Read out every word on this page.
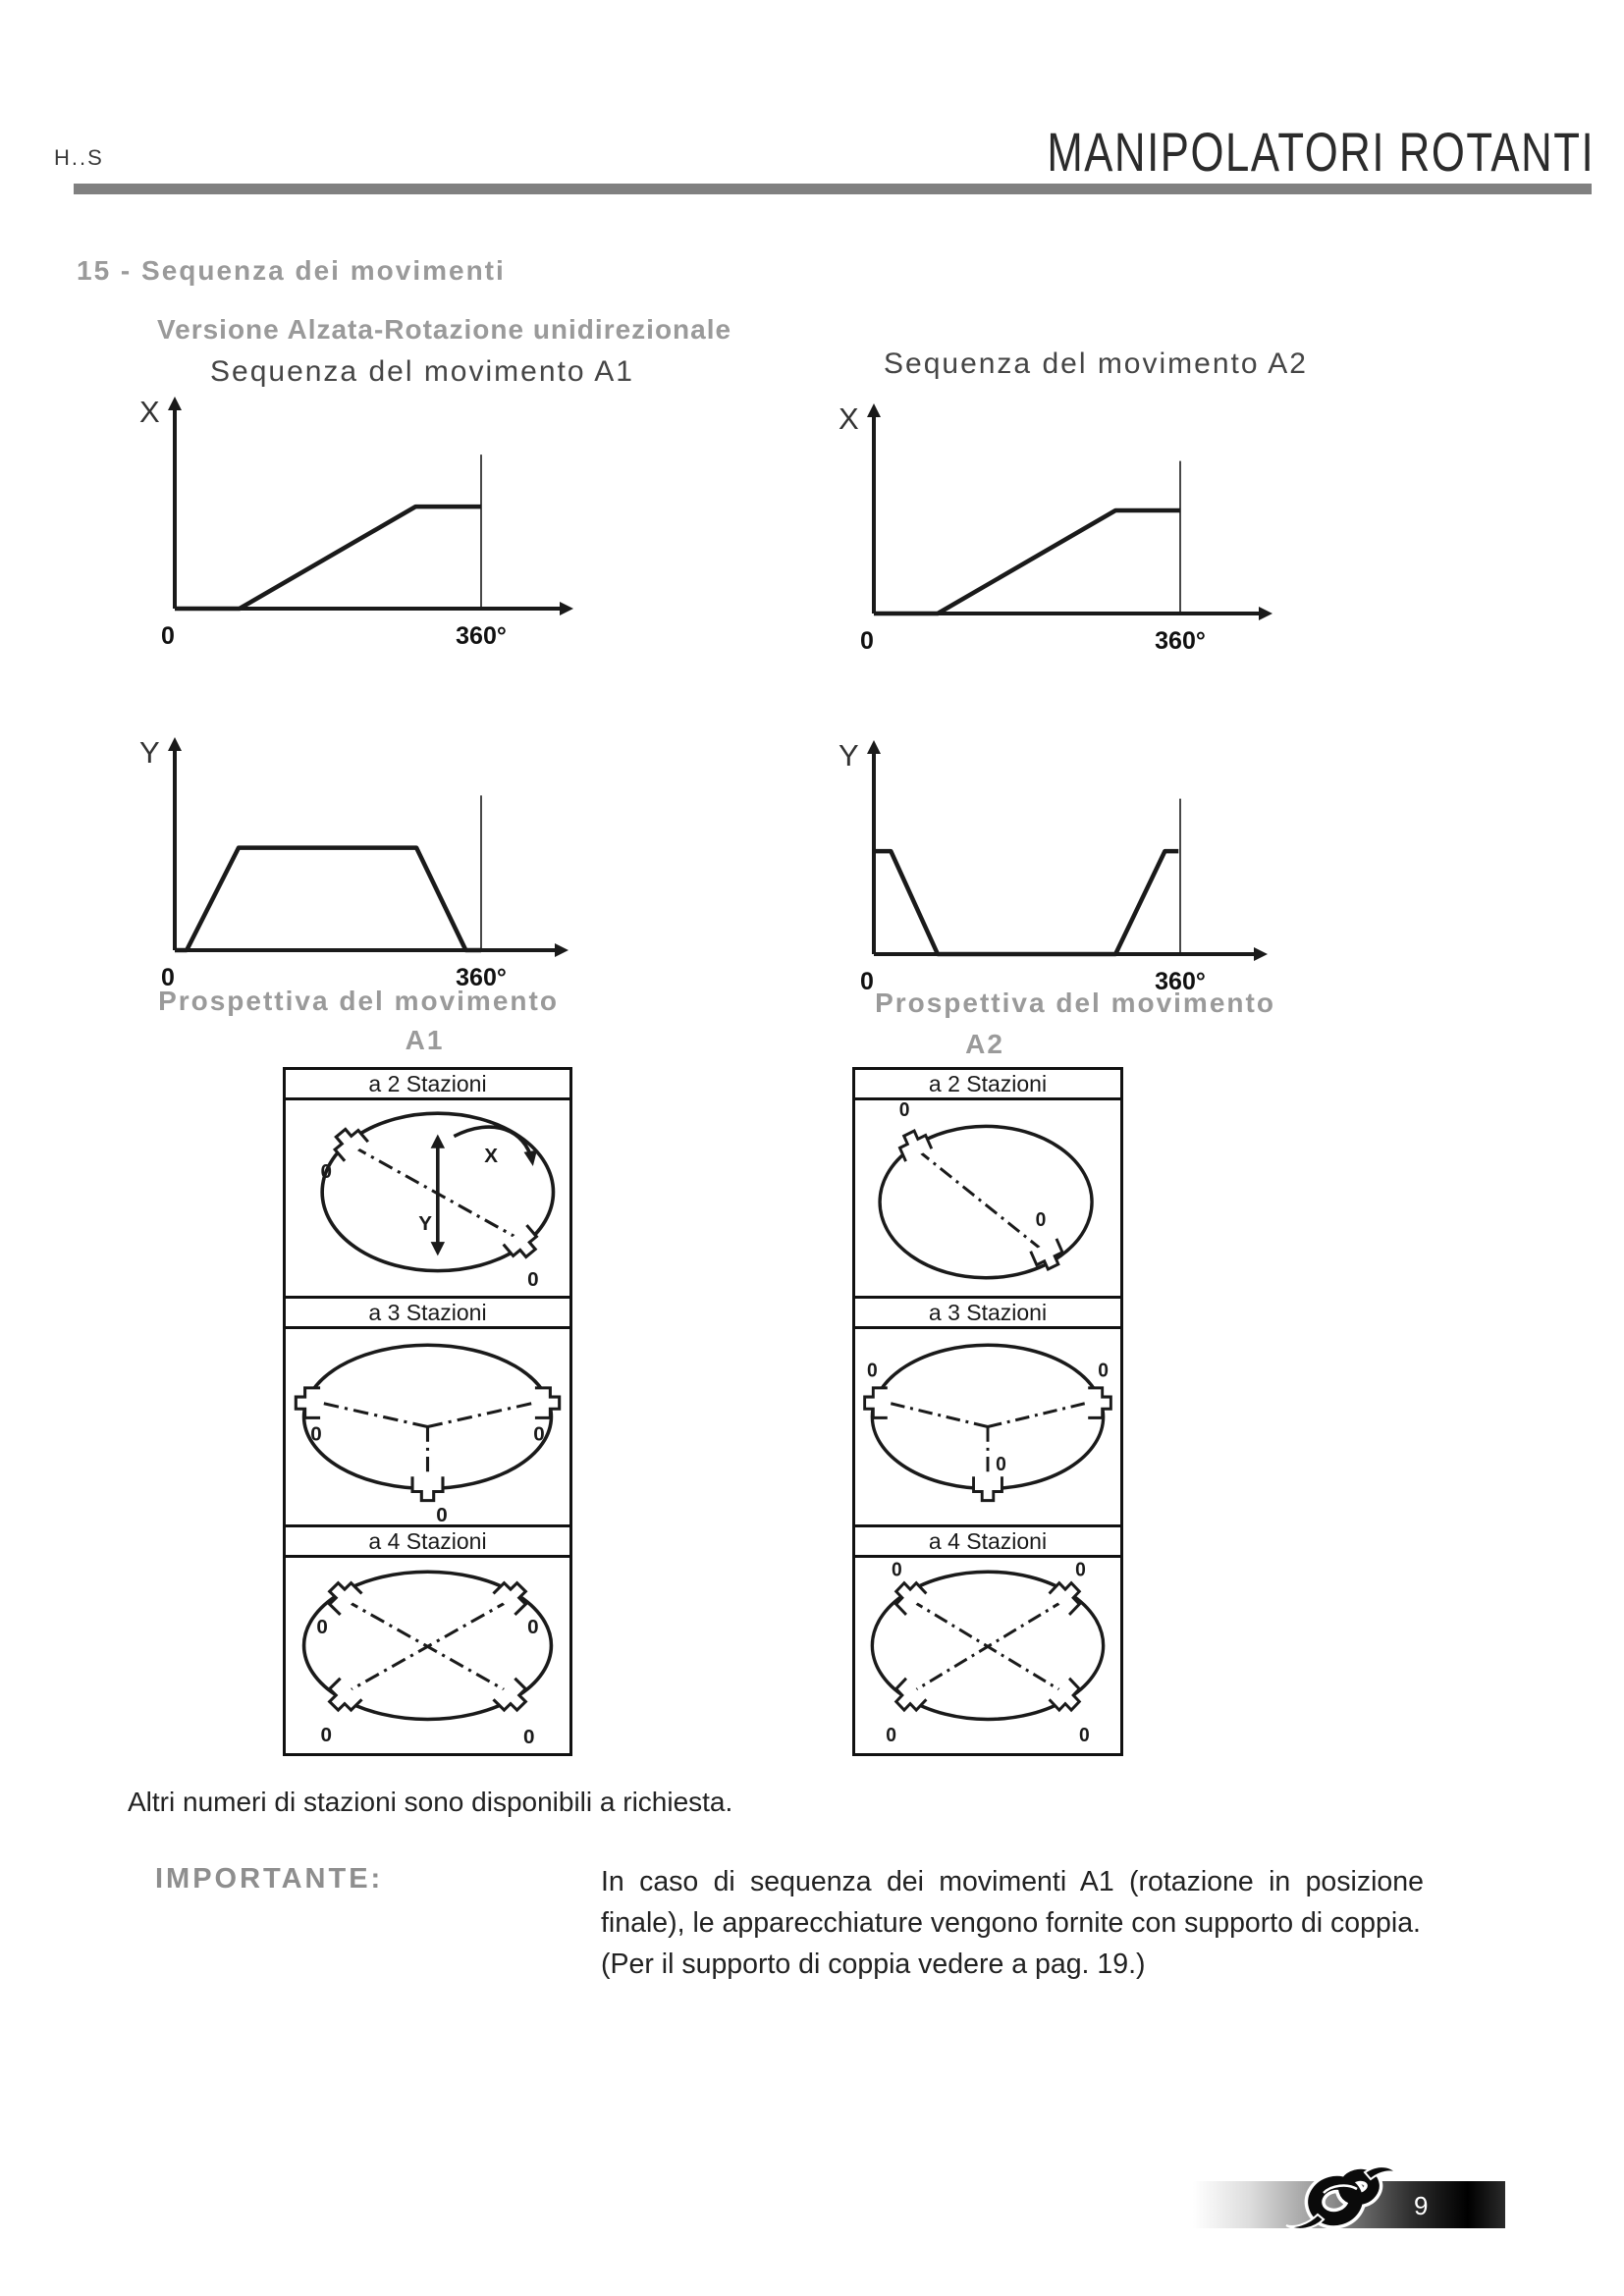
H..S	MANIPOLATORI ROTANTI
15 - Sequenza dei movimenti
Versione Alzata-Rotazione unidirezionale
Sequenza del movimento A1	Sequenza del movimento A2
X
0	360°
X
0	360°
Y
0	360°
Y
0	360°
Prospettiva del movimento	Prospettiva del movimento
A1	A2
a 2 Stazioni
0
0
Y
X
a 3 Stazioni
0	0
0
a 4 Stazioni
0	0
0	0
a 2 Stazioni
0
0
a 3 Stazioni
0	0
0
a 4 Stazioni
0	0
0	0
Altri numeri di stazioni sono disponibili a richiesta.
IMPORTANTE:	In caso di sequenza dei movimenti A1 (rotazione in posizione finale), le apparecchiature vengono fornite con supporto di coppia.
(Per il supporto di coppia vedere a pag. 19.)
9
